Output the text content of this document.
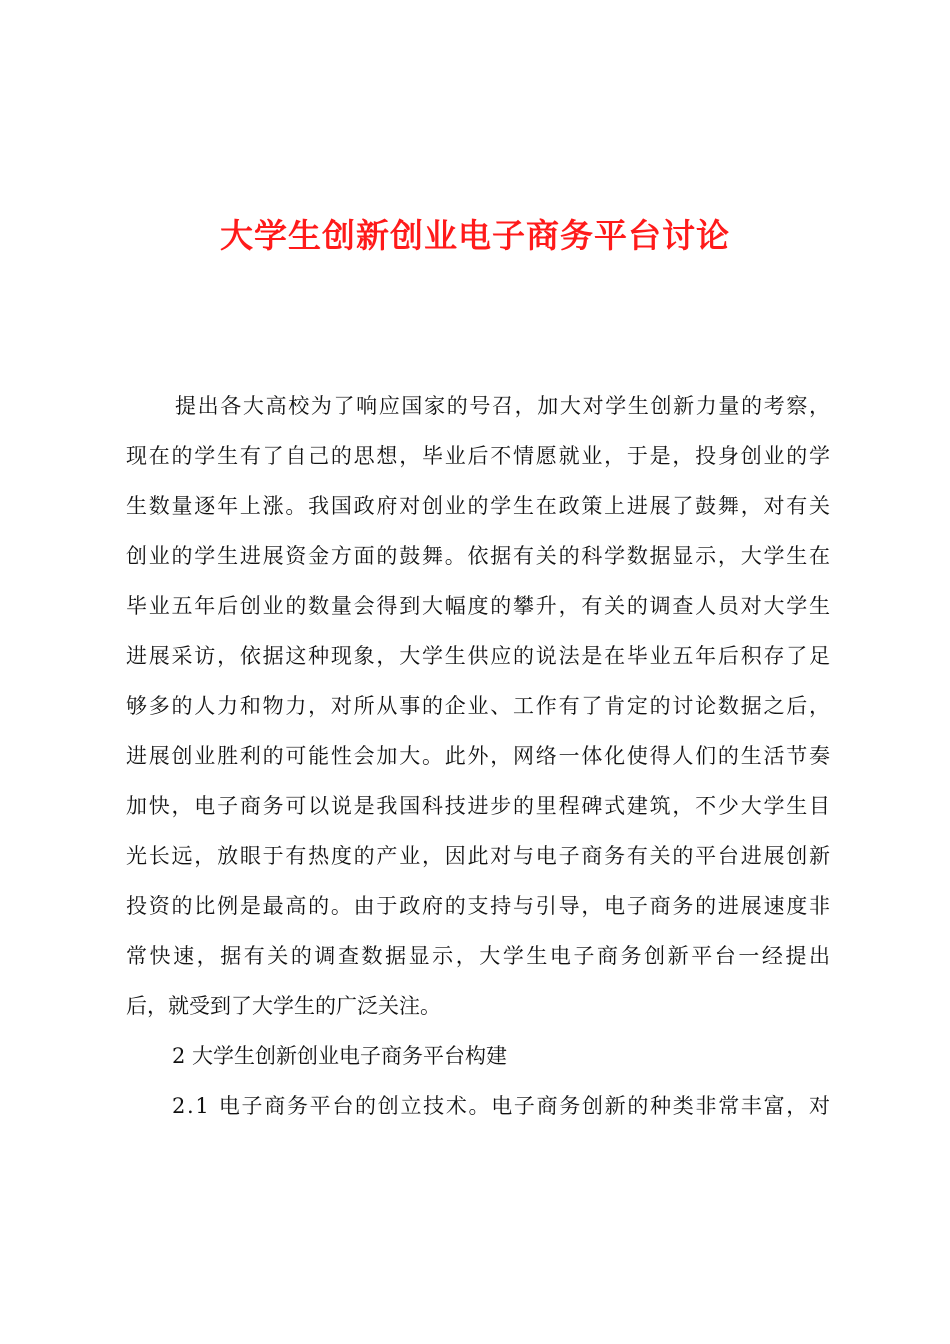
大学生创新创业电子商务平台讨论
提出各大高校为了响应国家的号召，加大对学生创新力量的考察，
现在的学生有了自己的思想，毕业后不情愿就业，于是，投身创业的学
生数量逐年上涨。我国政府对创业的学生在政策上进展了鼓舞，对有关
创业的学生进展资金方面的鼓舞。依据有关的科学数据显示，大学生在
毕业五年后创业的数量会得到大幅度的攀升，有关的调查人员对大学生
进展采访，依据这种现象，大学生供应的说法是在毕业五年后积存了足
够多的人力和物力，对所从事的企业、工作有了肯定的讨论数据之后，
进展创业胜利的可能性会加大。此外，网络一体化使得人们的生活节奏
加快，电子商务可以说是我国科技进步的里程碑式建筑，不少大学生目
光长远，放眼于有热度的产业，因此对与电子商务有关的平台进展创新
投资的比例是最高的。由于政府的支持与引导，电子商务的进展速度非
常快速，据有关的调查数据显示，大学生电子商务创新平台一经提出
后，就受到了大学生的广泛关注。
2 大学生创新创业电子商务平台构建
2.1 电子商务平台的创立技术。电子商务创新的种类非常丰富，对
